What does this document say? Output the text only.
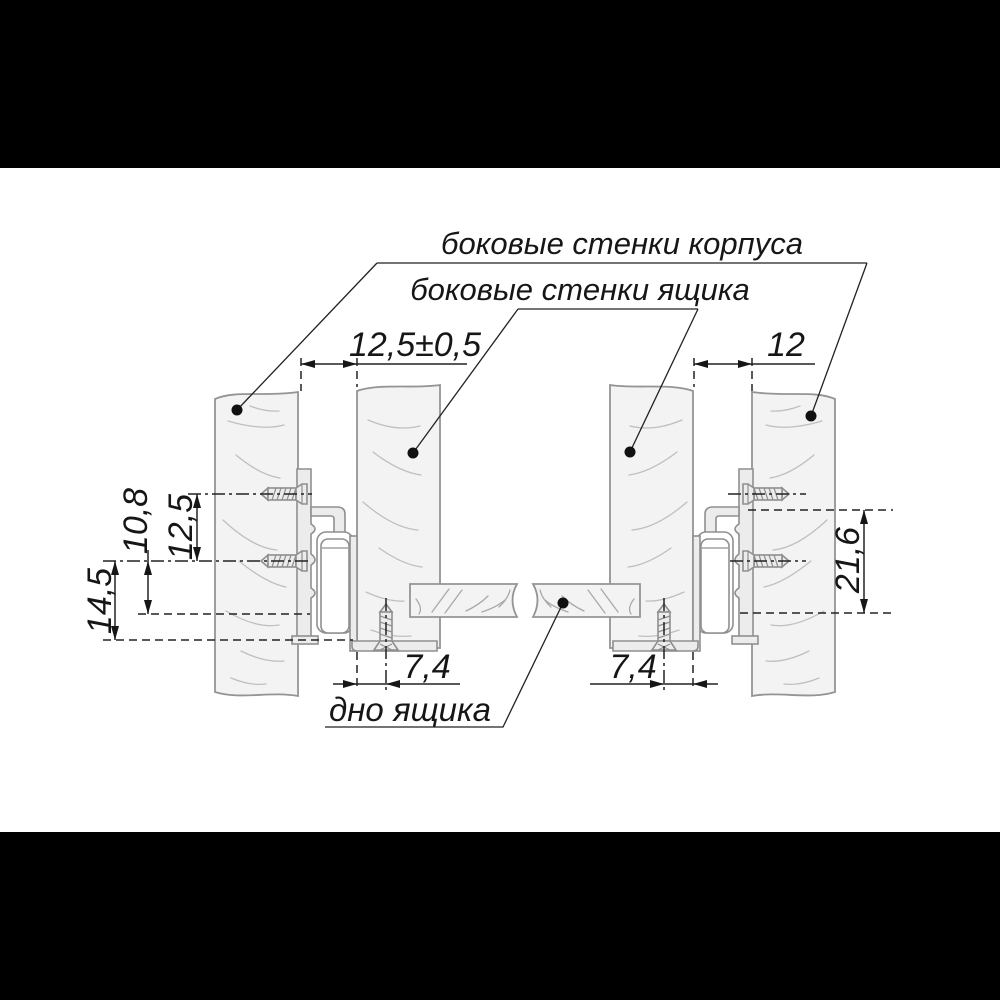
боковые стенки корпуса
боковые стенки ящика
дно ящика
12,5±0,5	12
12,5
10,8
14,5
21,6
7,4	7,4
